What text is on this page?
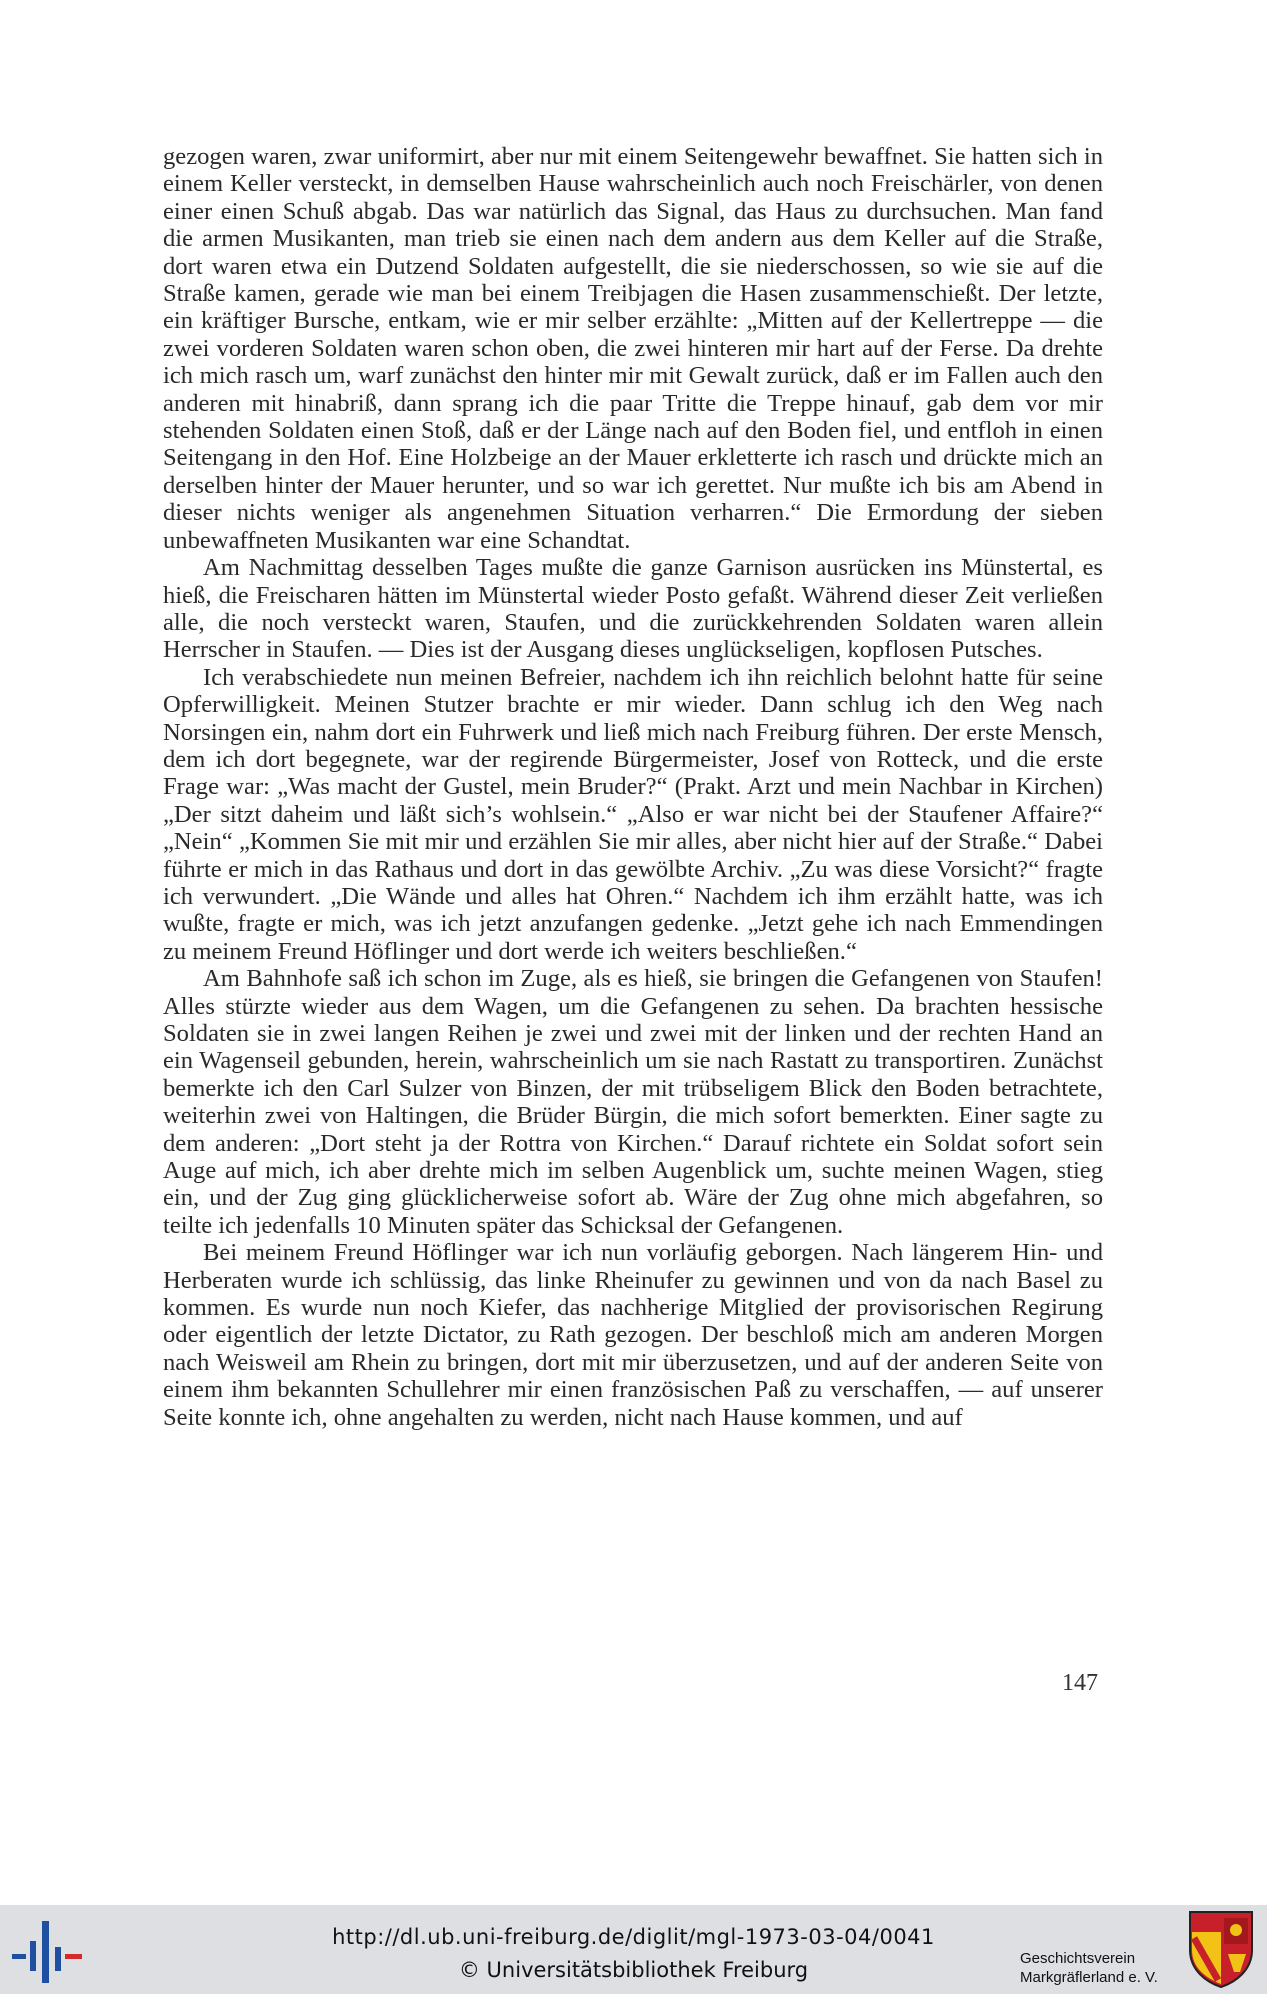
gezogen waren, zwar uniformirt, aber nur mit einem Seitengewehr bewaffnet. Sie hatten sich in einem Keller versteckt, in demselben Hause wahrscheinlich auch noch Freischärler, von denen einer einen Schuß abgab. Das war natürlich das Signal, das Haus zu durchsuchen. Man fand die armen Musikanten, man trieb sie einen nach dem andern aus dem Keller auf die Straße, dort waren etwa ein Dutzend Soldaten aufgestellt, die sie niederschossen, so wie sie auf die Straße kamen, gerade wie man bei einem Treibjagen die Hasen zusammenschießt. Der letzte, ein kräftiger Bursche, entkam, wie er mir selber erzählte: „Mitten auf der Kellertreppe — die zwei vorderen Soldaten waren schon oben, die zwei hinteren mir hart auf der Ferse. Da drehte ich mich rasch um, warf zunächst den hinter mir mit Gewalt zurück, daß er im Fallen auch den anderen mit hinabriß, dann sprang ich die paar Tritte die Treppe hinauf, gab dem vor mir stehenden Soldaten einen Stoß, daß er der Länge nach auf den Boden fiel, und entfloh in einen Seitengang in den Hof. Eine Holzbeige an der Mauer erkletterte ich rasch und drückte mich an derselben hinter der Mauer herunter, und so war ich gerettet. Nur mußte ich bis am Abend in dieser nichts weniger als angenehmen Situation verharren.“ Die Ermordung der sieben unbewaffneten Musikanten war eine Schandtat.

Am Nachmittag desselben Tages mußte die ganze Garnison ausrücken ins Münstertal, es hieß, die Freischaren hätten im Münstertal wieder Posto gefaßt. Während dieser Zeit verließen alle, die noch versteckt waren, Staufen, und die zurückkehrenden Soldaten waren allein Herrscher in Staufen. — Dies ist der Ausgang dieses unglückseligen, kopflosen Putsches.

Ich verabschiedete nun meinen Befreier, nachdem ich ihn reichlich belohnt hatte für seine Opferwilligkeit. Meinen Stutzer brachte er mir wieder. Dann schlug ich den Weg nach Norsingen ein, nahm dort ein Fuhrwerk und ließ mich nach Freiburg führen. Der erste Mensch, dem ich dort begegnete, war der regirende Bürgermeister, Josef von Rotteck, und die erste Frage war: „Was macht der Gustel, mein Bruder?“ (Prakt. Arzt und mein Nachbar in Kirchen) „Der sitzt daheim und läßt sich’s wohlsein.“ „Also er war nicht bei der Staufener Affaire?“ „Nein“ „Kommen Sie mit mir und erzählen Sie mir alles, aber nicht hier auf der Straße.“ Dabei führte er mich in das Rathaus und dort in das gewölbte Archiv. „Zu was diese Vorsicht?“ fragte ich verwundert. „Die Wände und alles hat Ohren.“ Nachdem ich ihm erzählt hatte, was ich wußte, fragte er mich, was ich jetzt anzufangen gedenke. „Jetzt gehe ich nach Emmendingen zu meinem Freund Höflinger und dort werde ich weiters beschließen.“

Am Bahnhofe saß ich schon im Zuge, als es hieß, sie bringen die Gefangenen von Staufen! Alles stürzte wieder aus dem Wagen, um die Gefangenen zu sehen. Da brachten hessische Soldaten sie in zwei langen Reihen je zwei und zwei mit der linken und der rechten Hand an ein Wagenseil gebunden, herein, wahrscheinlich um sie nach Rastatt zu transportiren. Zunächst bemerkte ich den Carl Sulzer von Binzen, der mit trübseligem Blick den Boden betrachtete, weiterhin zwei von Haltingen, die Brüder Bürgin, die mich sofort bemerkten. Einer sagte zu dem anderen: „Dort steht ja der Rottra von Kirchen.“ Darauf richtete ein Soldat sofort sein Auge auf mich, ich aber drehte mich im selben Augenblick um, suchte meinen Wagen, stieg ein, und der Zug ging glücklicherweise sofort ab. Wäre der Zug ohne mich abgefahren, so teilte ich jedenfalls 10 Minuten später das Schicksal der Gefangenen.

Bei meinem Freund Höflinger war ich nun vorläufig geborgen. Nach längerem Hin- und Herberaten wurde ich schlüssig, das linke Rheinufer zu gewinnen und von da nach Basel zu kommen. Es wurde nun noch Kiefer, das nachherige Mitglied der provisorischen Regirung oder eigentlich der letzte Dictator, zu Rath gezogen. Der beschloß mich am anderen Morgen nach Weisweil am Rhein zu bringen, dort mit mir überzusetzen, und auf der anderen Seite von einem ihm bekannten Schullehrer mir einen französischen Paß zu verschaffen, — auf unserer Seite konnte ich, ohne angehalten zu werden, nicht nach Hause kommen, und auf

147
http://dl.ub.uni-freiburg.de/diglit/mgl-1973-03-04/0041
© Universitätsbibliothek Freiburg	Geschichtsverein
Markgräflerland e. V.
